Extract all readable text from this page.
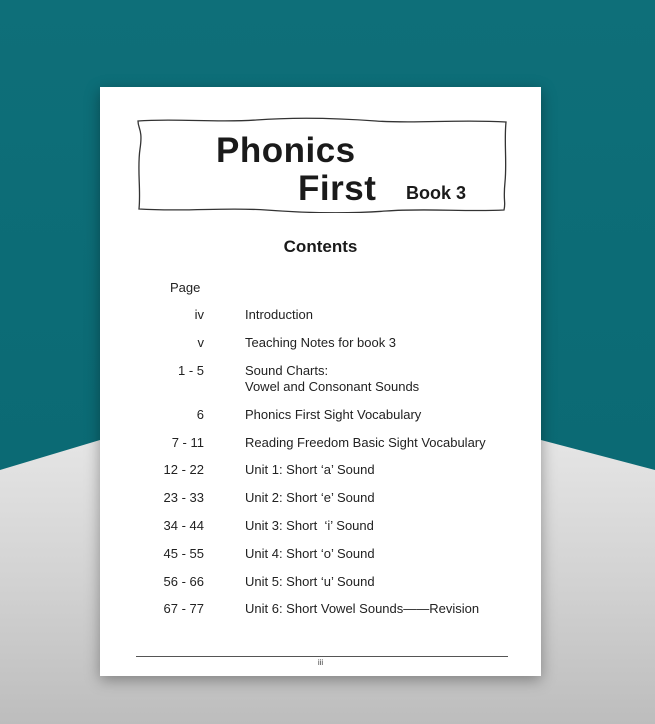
Phonics
First Book 3
Contents
Page
iv	Introduction
v	Teaching Notes for book 3
1 - 5	Sound Charts:
Vowel and Consonant Sounds
6	Phonics First Sight Vocabulary
7 - 11	Reading Freedom Basic Sight Vocabulary
12 - 22	Unit 1: Short ‘a’ Sound
23 - 33	Unit 2: Short ‘e’ Sound
34 - 44	Unit 3: Short  ‘i’ Sound
45 - 55	Unit 4: Short ‘o’ Sound
56 - 66	Unit 5: Short ‘u’ Sound
67 - 77	Unit 6: Short Vowel Sounds——Revision
iii
